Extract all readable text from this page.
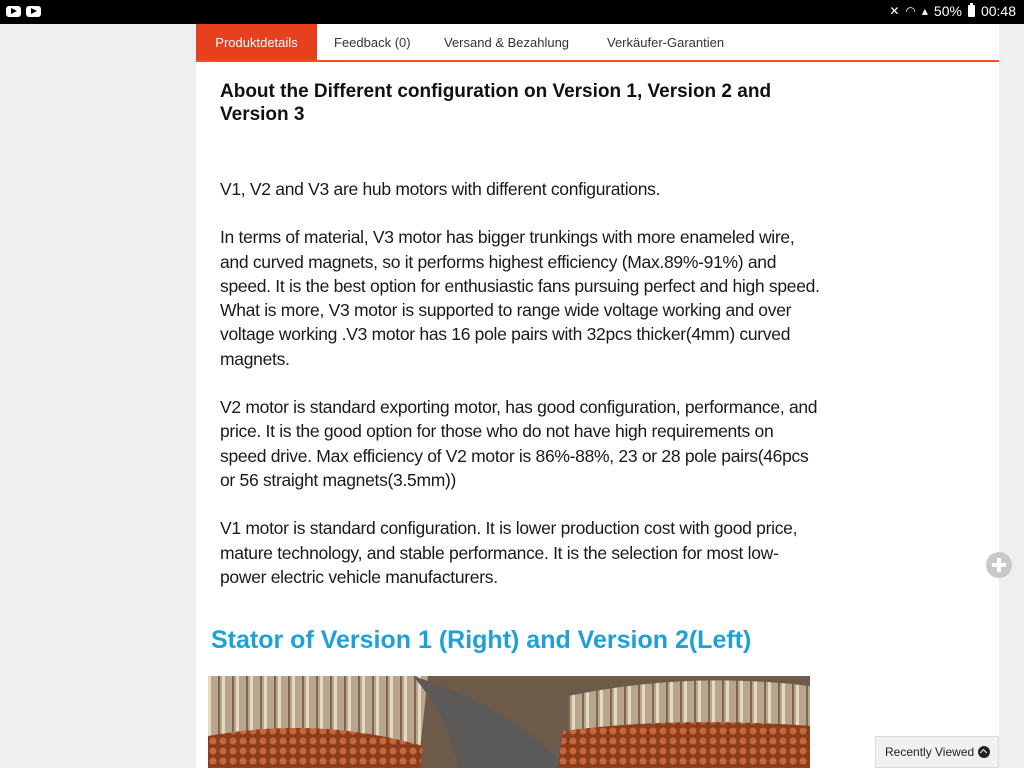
✕ ◠ ▴ 50% 00:48
Produktdetails	Feedback (0)	Versand & Bezahlung	Verkäufer-Garantien
About the Different configuration on Version 1, Version 2 and Version 3

V1, V2 and V3 are hub motors with different configurations.

In terms of material, V3 motor has bigger trunkings with more enameled wire, and curved magnets, so it performs highest efficiency (Max.89%-91%) and speed. It is the best option for enthusiastic fans pursuing perfect and high speed. What is more, V3 motor is supported to range wide voltage working and over voltage working .V3 motor has 16 pole pairs with 32pcs thicker(4mm) curved magnets.

V2 motor is standard exporting motor, has good configuration, performance, and price. It is the good option for those who do not have high requirements on speed drive. Max efficiency of V2 motor is 86%-88%, 23 or 28 pole pairs(46pcs or 56 straight magnets(3.5mm))

V1 motor is standard configuration. It is lower production cost with good price, mature technology, and stable performance. It is the selection for most low-power electric vehicle manufacturers.

Stator of Version 1 (Right) and Version 2(Left)
Recently Viewed
